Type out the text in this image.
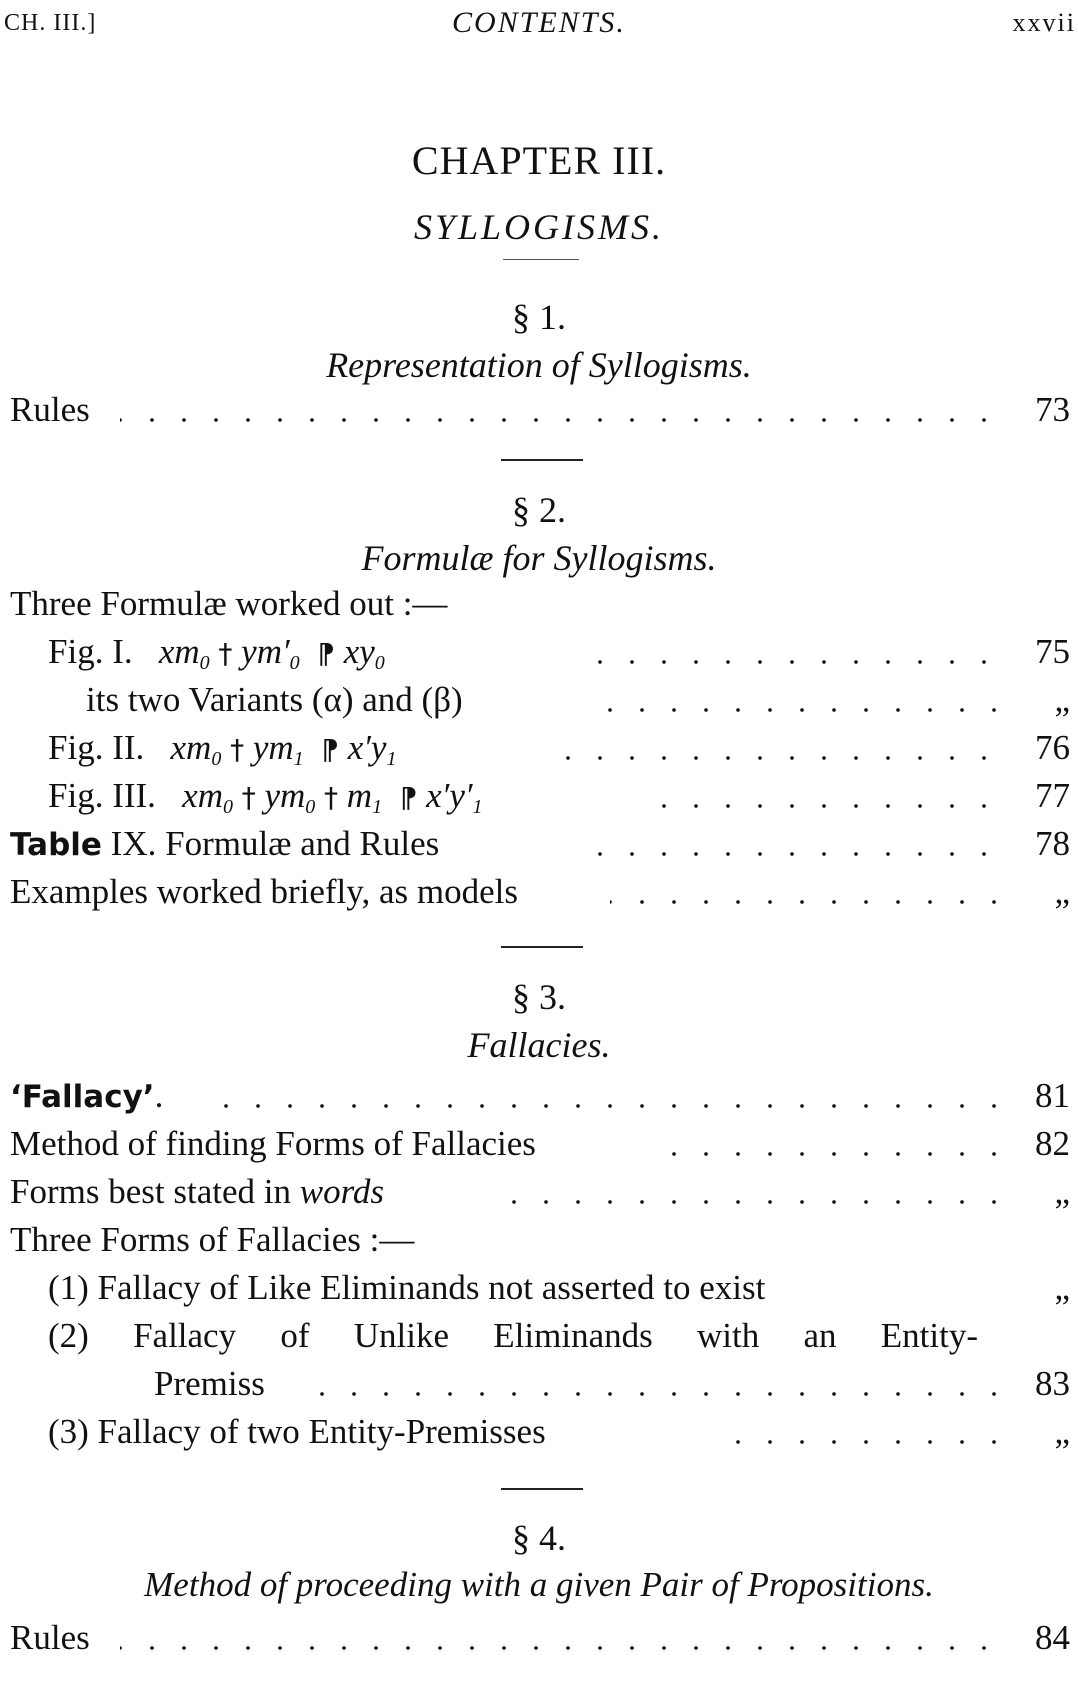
CH. III.]	CONTENTS.	xxvii
CHAPTER III.
SYLLOGISMS.
§ 1.
Representation of Syllogisms.
Rules	73
§ 2.
Formulæ for Syllogisms.
Three Formulæ worked out :—
Fig. I. $xm_0$ † $ym'_0$ ⁋ $xy_0$	75
its two Variants (α) and (β)	„
Fig. II. $xm_0$ † $ym_1$ ⁋ $x'y_1$	76
Fig. III. $xm_0$ † $ym_0$ † $m_1$ ⁋ $x'y'_1$	77
Table IX. Formulæ and Rules	78
Examples worked briefly, as models	„
§ 3.
Fallacies.
‘Fallacy’.	81
Method of finding Forms of Fallacies	82
Forms best stated in words	„
Three Forms of Fallacies :—
(1) Fallacy of Like Eliminands not asserted to exist	„
(2) Fallacy of Unlike Eliminands with an Entity-
Premiss	83
(3) Fallacy of two Entity-Premisses	„
§ 4.
Method of proceeding with a given Pair of Propositions.
Rules	84
